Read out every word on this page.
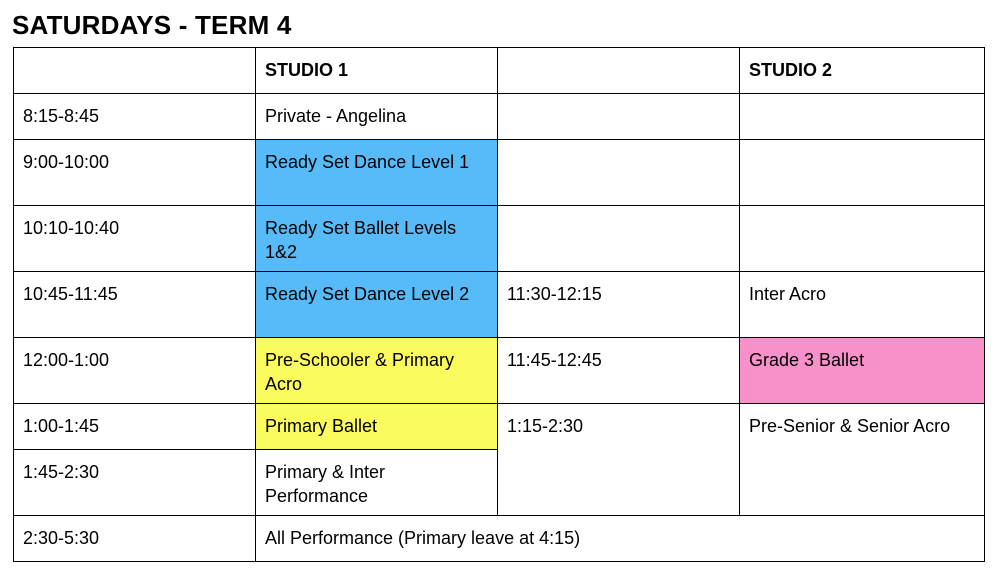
SATURDAYS - TERM 4
	STUDIO 1		STUDIO 2
8:15-8:45	Private - Angelina		
9:00-10:00	Ready Set Dance Level 1		
10:10-10:40	Ready Set Ballet Levels 1&2		
10:45-11:45	Ready Set Dance Level 2	11:30-12:15	Inter Acro
12:00-1:00	Pre-Schooler & Primary Acro	11:45-12:45	Grade 3 Ballet
1:00-1:45	Primary Ballet	1:15-2:30	Pre-Senior & Senior Acro
1:45-2:30	Primary & Inter Performance		
2:30-5:30	All Performance (Primary leave at 4:15)		
